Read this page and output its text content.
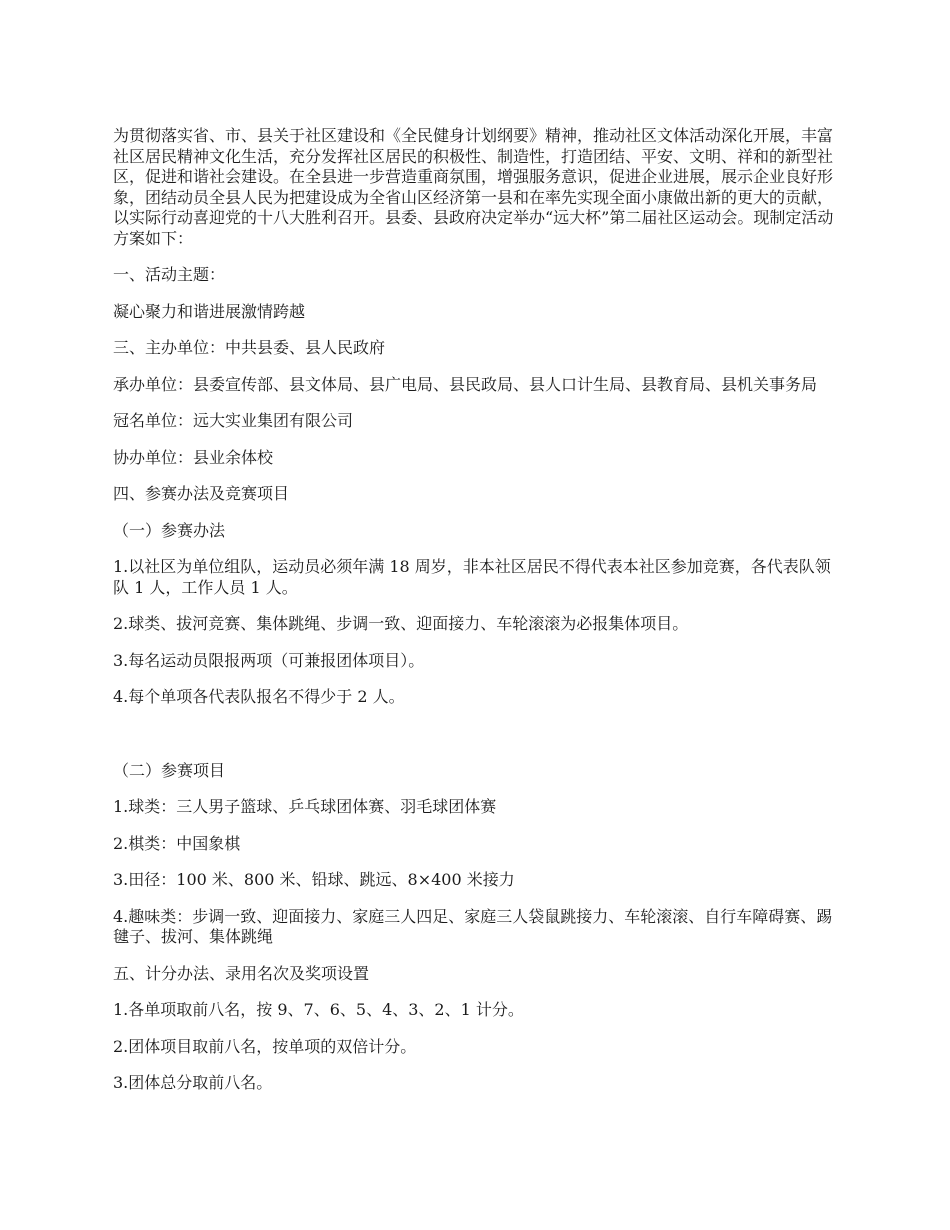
为贯彻落实省、市、县关于社区建设和《全民健身计划纲要》精神，推动社区文体活动深化开展，丰富社区居民精神文化生活，充分发挥社区居民的积极性、制造性，打造团结、平安、文明、祥和的新型社区，促进和谐社会建设。在全县进一步营造重商氛围，增强服务意识，促进企业进展，展示企业良好形象，团结动员全县人民为把建设成为全省山区经济第一县和在率先实现全面小康做出新的更大的贡献，以实际行动喜迎党的十八大胜利召开。县委、县政府决定举办“远大杯”第二届社区运动会。现制定活动方案如下：

一、活动主题：

凝心聚力和谐进展激情跨越

三、主办单位：中共县委、县人民政府

承办单位：县委宣传部、县文体局、县广电局、县民政局、县人口计生局、县教育局、县机关事务局

冠名单位：远大实业集团有限公司

协办单位：县业余体校

四、参赛办法及竞赛项目

（一）参赛办法

1.以社区为单位组队，运动员必须年满 18 周岁，非本社区居民不得代表本社区参加竞赛，各代表队领队 1 人，工作人员 1 人。

2.球类、拔河竞赛、集体跳绳、步调一致、迎面接力、车轮滚滚为必报集体项目。

3.每名运动员限报两项（可兼报团体项目）。

4.每个单项各代表队报名不得少于 2 人。

（二）参赛项目

1.球类：三人男子篮球、乒乓球团体赛、羽毛球团体赛

2.棋类：中国象棋

3.田径：100 米、800 米、铅球、跳远、8×400 米接力

4.趣味类：步调一致、迎面接力、家庭三人四足、家庭三人袋鼠跳接力、车轮滚滚、自行车障碍赛、踢毽子、拔河、集体跳绳

五、计分办法、录用名次及奖项设置

1.各单项取前八名，按 9、7、6、5、4、3、2、1 计分。

2.团体项目取前八名，按单项的双倍计分。

3.团体总分取前八名。
